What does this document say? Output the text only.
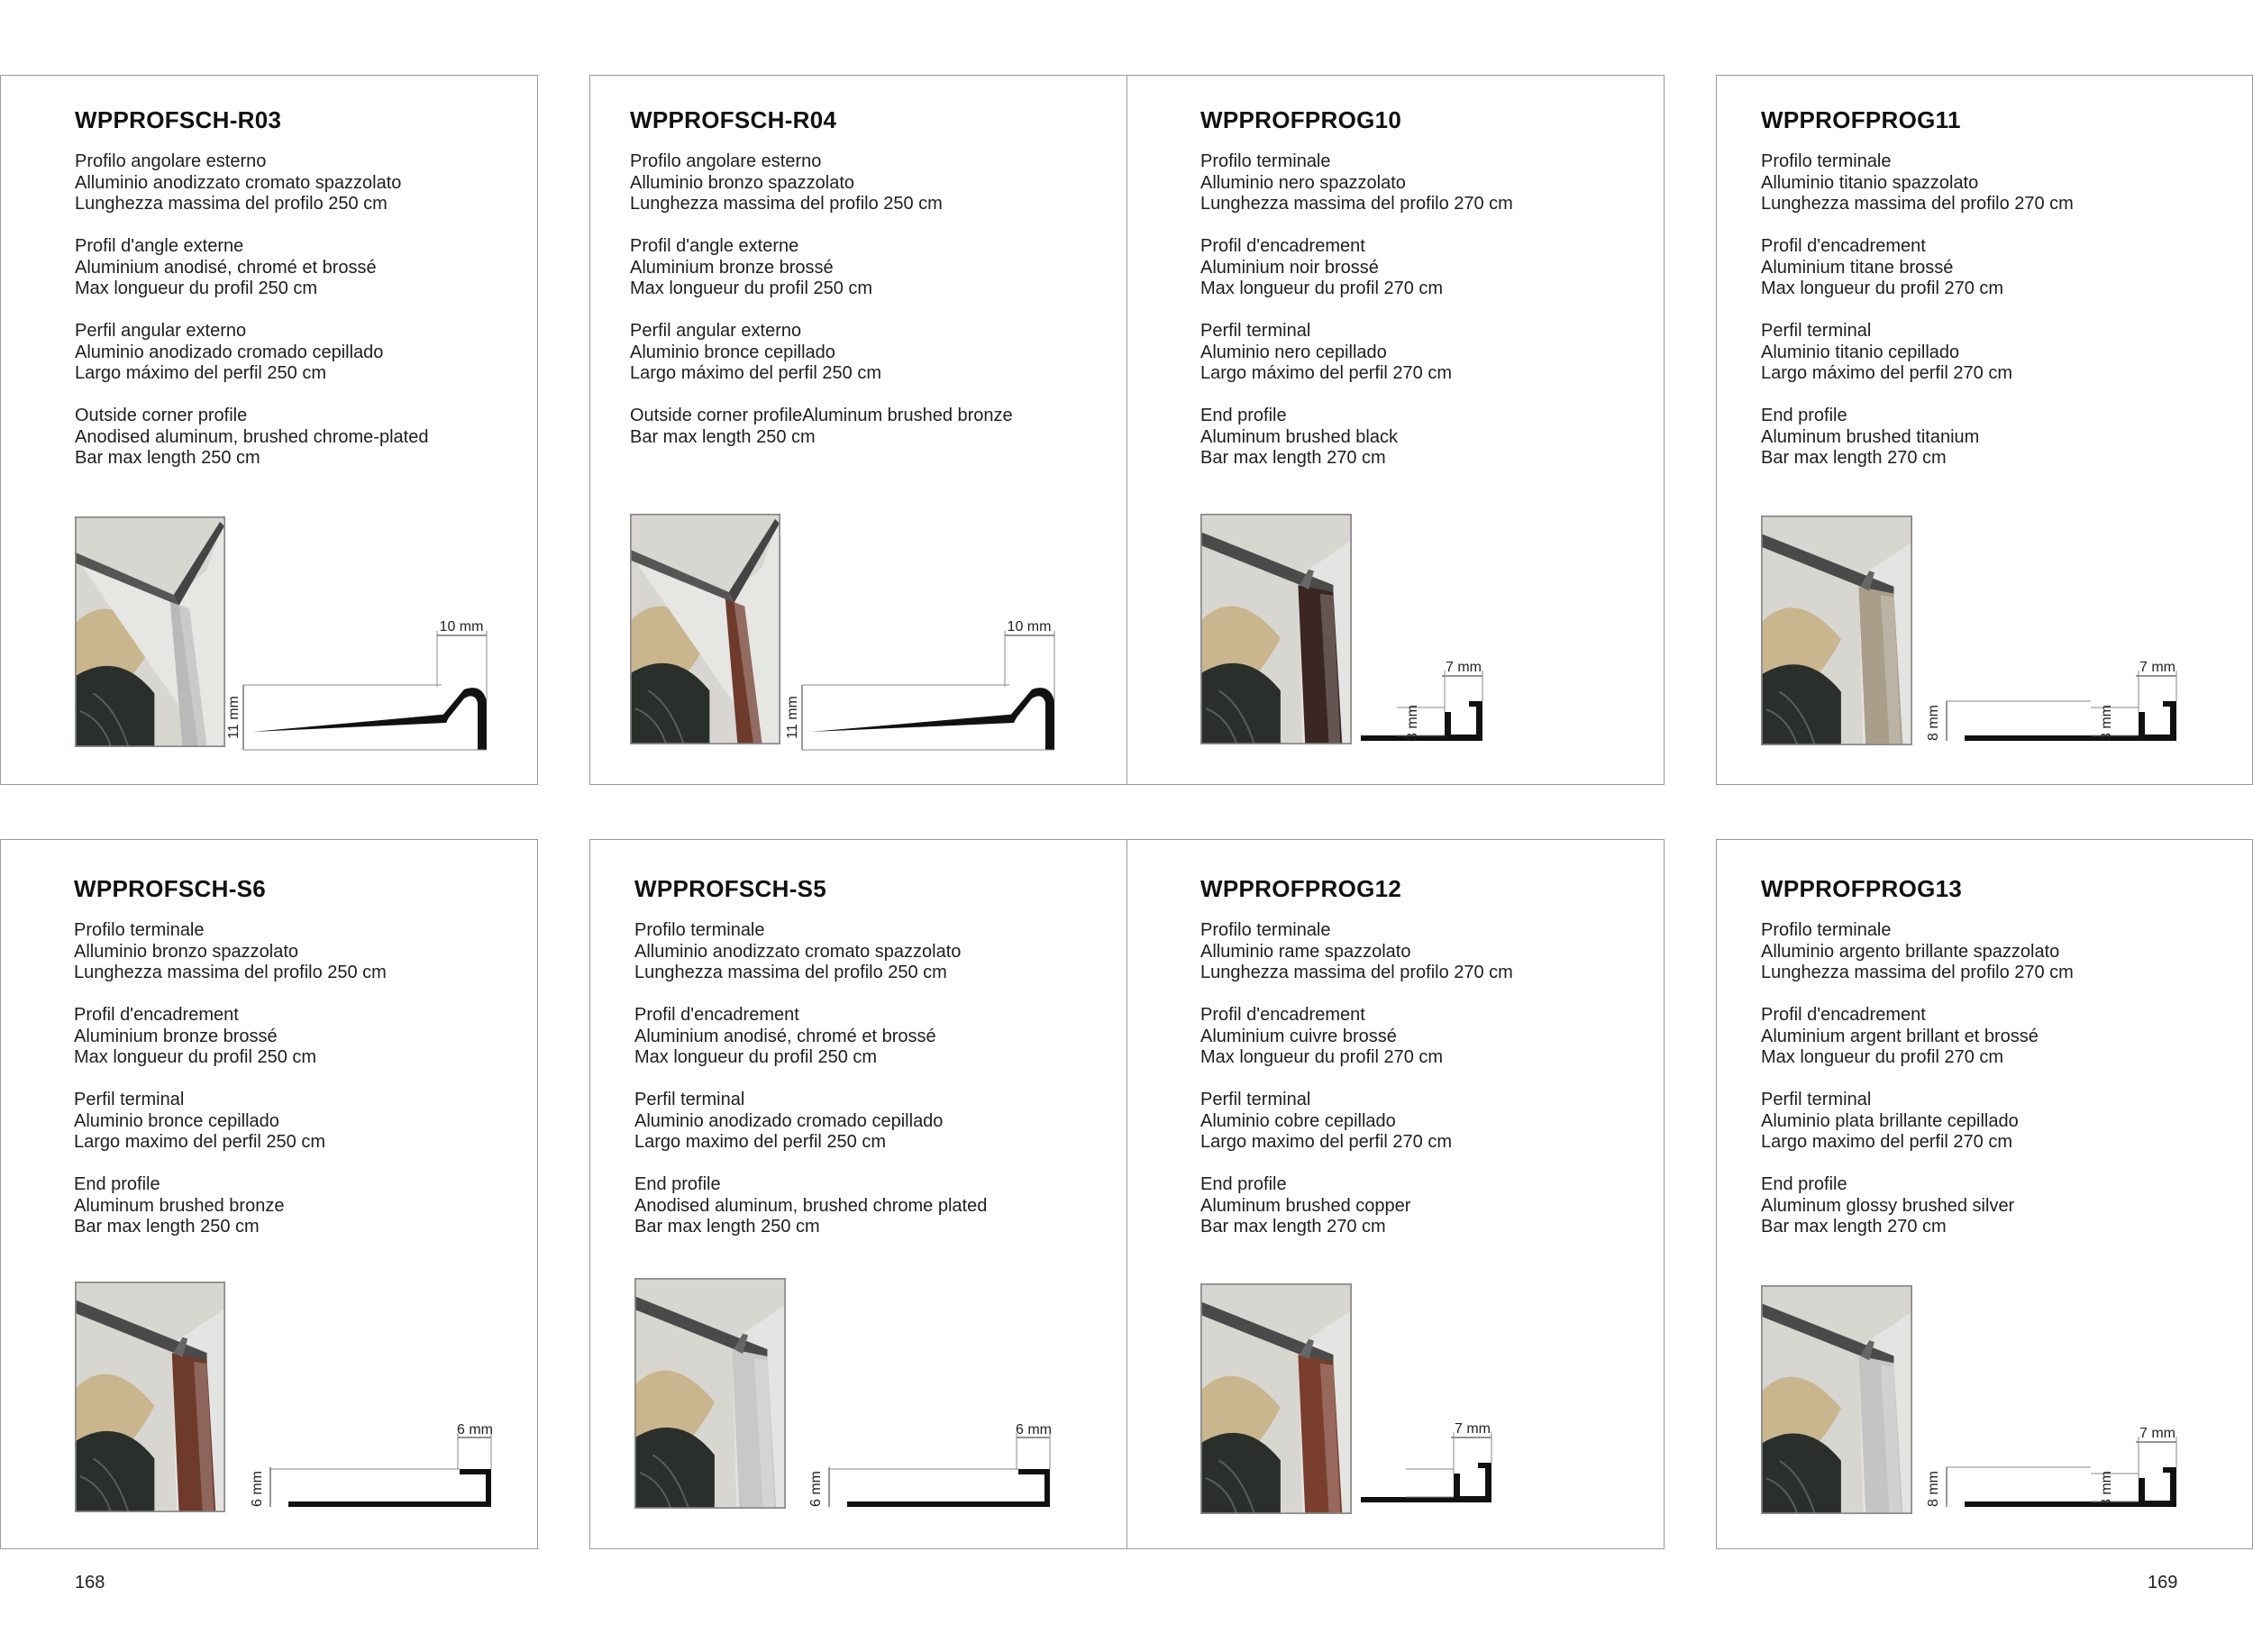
WPPROFSCH-R03
Profilo angolare esterno
Alluminio anodizzato cromato spazzolato
Lunghezza massima del profilo 250 cm
Profil d'angle externe
Aluminium anodisé, chromé et brossé
Max longueur du profil 250 cm
Perfil angular externo
Aluminio anodizado cromado cepillado
Largo máximo del perfil 250 cm
Outside corner profile
Anodised aluminum, brushed chrome-plated
Bar max length 250 cm
10 mm
11 mm
WPPROFSCH-R04
Profilo angolare esterno
Alluminio bronzo spazzolato
Lunghezza massima del profilo 250 cm
Profil d'angle externe
Aluminium bronze brossé
Max longueur du profil 250 cm
Perfil angular externo
Aluminio bronce cepillado
Largo máximo del perfil 250 cm
Outside corner profileAluminum brushed bronze
Bar max length 250 cm
10 mm
11 mm
WPPROFPROG10
Profilo terminale
Alluminio nero spazzolato
Lunghezza massima del profilo 270 cm
Profil d'encadrement
Aluminium noir brossé
Max longueur du profil 270 cm
Perfil terminal
Aluminio nero cepillado
Largo máximo del perfil 270 cm
End profile
Aluminum brushed black
Bar max length 270 cm
7 mm
3 mm
WPPROFPROG11
Profilo terminale
Alluminio titanio spazzolato
Lunghezza massima del profilo 270 cm
Profil d'encadrement
Aluminium titane brossé
Max longueur du profil 270 cm
Perfil terminal
Aluminio titanio cepillado
Largo máximo del perfil 270 cm
End profile
Aluminum brushed titanium
Bar max length 270 cm
7 mm
3 mm
8 mm
WPPROFSCH-S6
Profilo terminale
Alluminio bronzo spazzolato
Lunghezza massima del profilo 250 cm
Profil d'encadrement
Aluminium bronze brossé
Max longueur du profil 250 cm
Perfil terminal
Aluminio bronce cepillado
Largo maximo del perfil 250 cm
End profile
Aluminum brushed bronze
Bar max length 250 cm
6 mm
6 mm
WPPROFSCH-S5
Profilo terminale
Alluminio anodizzato cromato spazzolato
Lunghezza massima del profilo 250 cm
Profil d'encadrement
Aluminium anodisé, chromé et brossé
Max longueur du profil 250 cm
Perfil terminal
Aluminio anodizado cromado cepillado
Largo maximo del perfil 250 cm
End profile
Anodised aluminum, brushed chrome plated
Bar max length 250 cm
6 mm
6 mm
WPPROFPROG12
Profilo terminale
Alluminio rame spazzolato
Lunghezza massima del profilo 270 cm
Profil d'encadrement
Aluminium cuivre brossé
Max longueur du profil 270 cm
Perfil terminal
Aluminio cobre cepillado
Largo maximo del perfil 270 cm
End profile
Aluminum brushed copper
Bar max length 270 cm
7 mm
WPPROFPROG13
Profilo terminale
Alluminio argento brillante spazzolato
Lunghezza massima del profilo 270 cm
Profil d'encadrement
Aluminium argent brillant et brossé
Max longueur du profil 270 cm
Perfil terminal
Aluminio plata brillante cepillado
Largo maximo del perfil 270 cm
End profile
Aluminum glossy brushed silver
Bar max length 270 cm
7 mm
3 mm
8 mm
168	169
